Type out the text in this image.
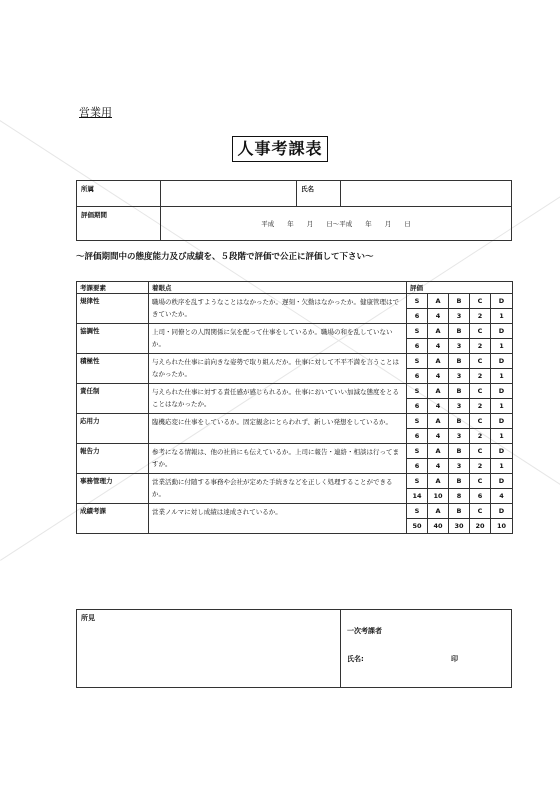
営業用
人事考課表
所属		氏名	
評価期間	平成　　年　　月　　日～平成　　年　　月　　日		
～評価期間中の態度能力及び成績を、５段階で評価で公正に評価して下さい～
考課要素	着眼点	評価				
規律性	職場の秩序を乱すようなことはなかったか。遅刻・欠勤はなかったか。健康管理はできていたか。	S	A	B	C	D
		6	4	3	2	1
協調性	上司・同僚との人間関係に気を配って仕事をしているか。職場の和を乱していないか。	S	A	B	C	D
		6	4	3	2	1
積極性	与えられた仕事に前向きな姿勢で取り組んだか。仕事に対して不平不満を言うことはなかったか。	S	A	B	C	D
		6	4	3	2	1
責任制	与えられた仕事に対する責任感が感じられるか。仕事においていい加減な態度をとることはなかったか。	S	A	B	C	D
		6	4	3	2	1
応用力	臨機応変に仕事をしているか。固定観念にとらわれず、新しい発想をしているか。	S	A	B	C	D
		6	4	3	2	1
報告力	参考になる情報は、他の社員にも伝えているか。上司に報告・連絡・相談は行ってますか。	S	A	B	C	D
		6	4	3	2	1
事務管理力	営業活動に付随する事務や会社が定めた手続きなどを正しく処理することができるか。	S	A	B	C	D
		14	10	8	6	4
成績考課	営業ノルマに対し成績は達成されているか。	S	A	B	C	D
		50	40	30	20	10
所見	
一次考課者
氏名:	印
